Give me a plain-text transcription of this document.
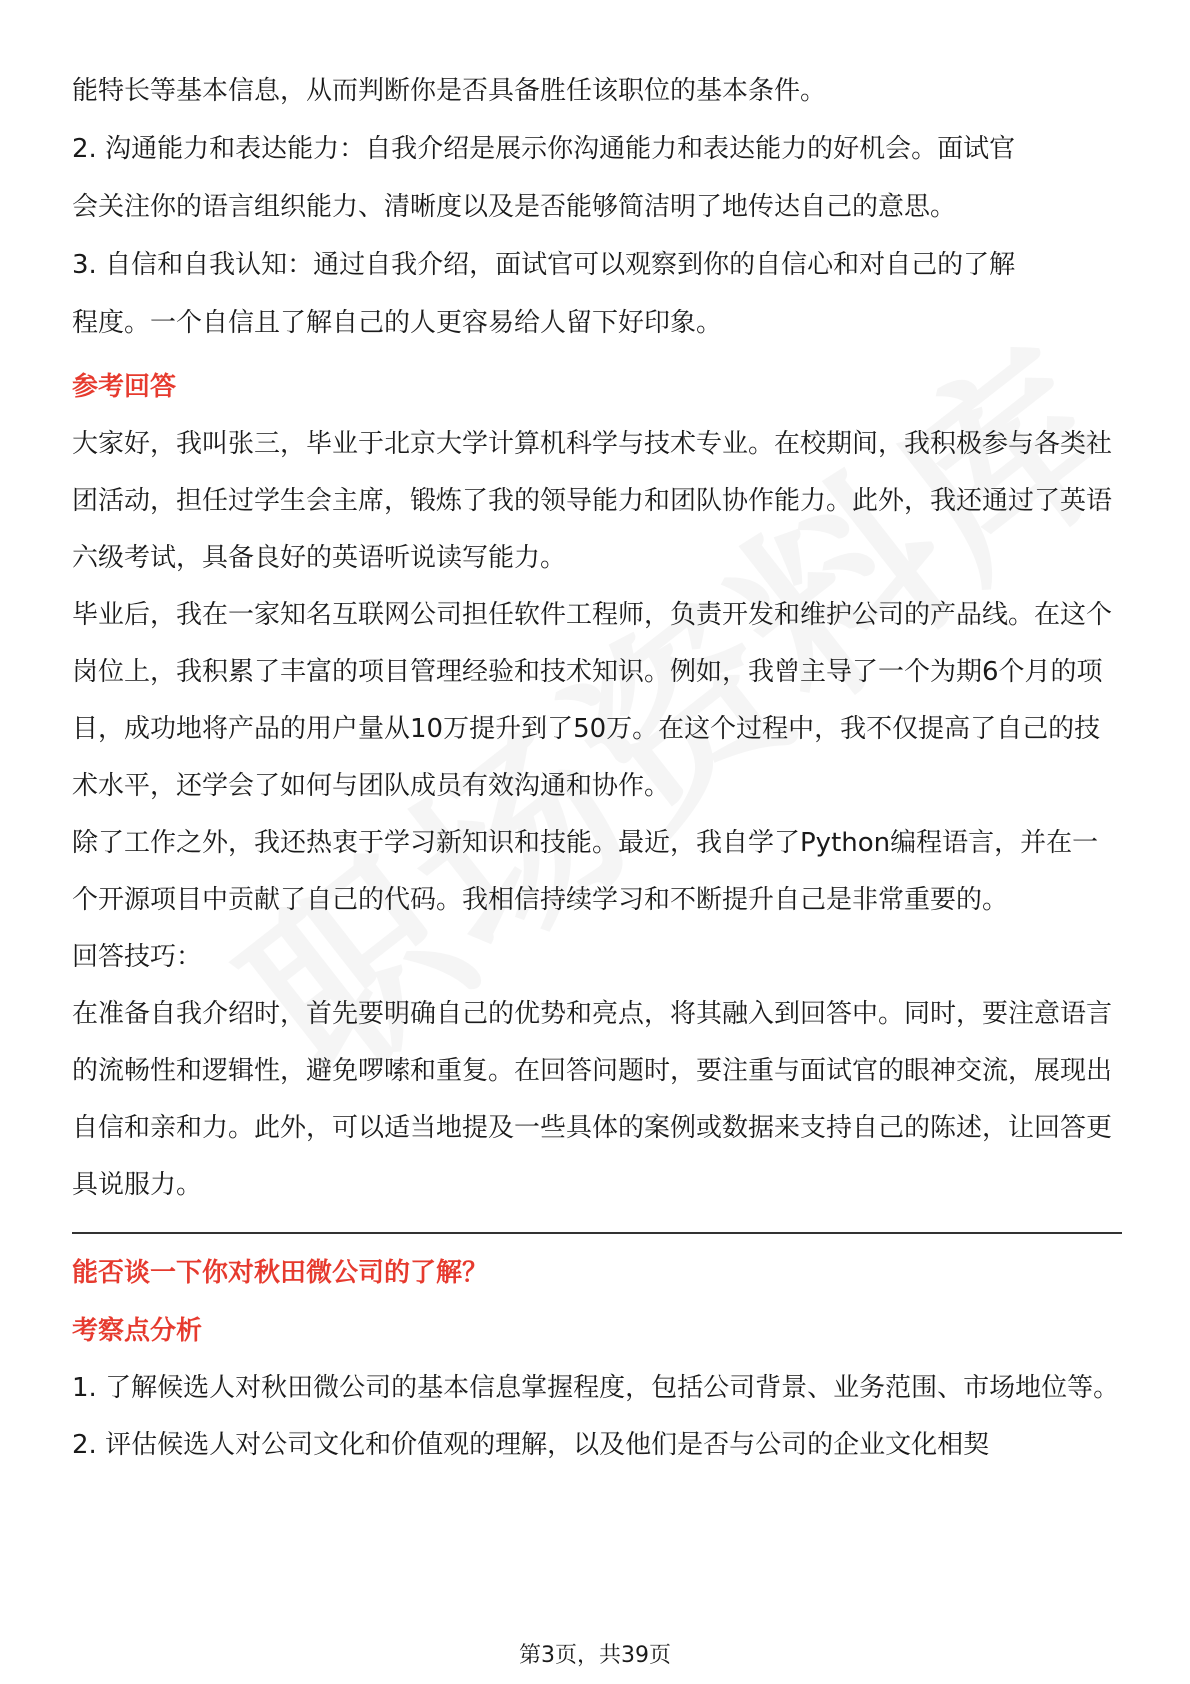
能特长等基本信息，从而判断你是否具备胜任该职位的基本条件。

2. 沟通能力和表达能力：自我介绍是展示你沟通能力和表达能力的好机会。面试官

会关注你的语言组织能力、清晰度以及是否能够简洁明了地传达自己的意思。

3. 自信和自我认知：通过自我介绍，面试官可以观察到你的自信心和对自己的了解

程度。一个自信且了解自己的人更容易给人留下好印象。

参考回答

大家好，我叫张三，毕业于北京大学计算机科学与技术专业。在校期间，我积极参与各类社团活动，担任过学生会主席，锻炼了我的领导能力和团队协作能力。此外，我还通过了英语六级考试，具备良好的英语听说读写能力。

毕业后，我在一家知名互联网公司担任软件工程师，负责开发和维护公司的产品线。在这个岗位上，我积累了丰富的项目管理经验和技术知识。例如，我曾主导了一个为期6个月的项目，成功地将产品的用户量从10万提升到了50万。在这个过程中，我不仅提高了自己的技术水平，还学会了如何与团队成员有效沟通和协作。

除了工作之外，我还热衷于学习新知识和技能。最近，我自学了Python编程语言，并在一个开源项目中贡献了自己的代码。我相信持续学习和不断提升自己是非常重要的。

回答技巧：

在准备自我介绍时，首先要明确自己的优势和亮点，将其融入到回答中。同时，要注意语言的流畅性和逻辑性，避免啰嗦和重复。在回答问题时，要注重与面试官的眼神交流，展现出自信和亲和力。此外，可以适当地提及一些具体的案例或数据来支持自己的陈述，让回答更具说服力。

能否谈一下你对秋田微公司的了解？
考察点分析

1. 了解候选人对秋田微公司的基本信息掌握程度，包括公司背景、业务范围、市场地位等。

2. 评估候选人对公司文化和价值观的理解，以及他们是否与公司的企业文化相契

第3页，共39页
